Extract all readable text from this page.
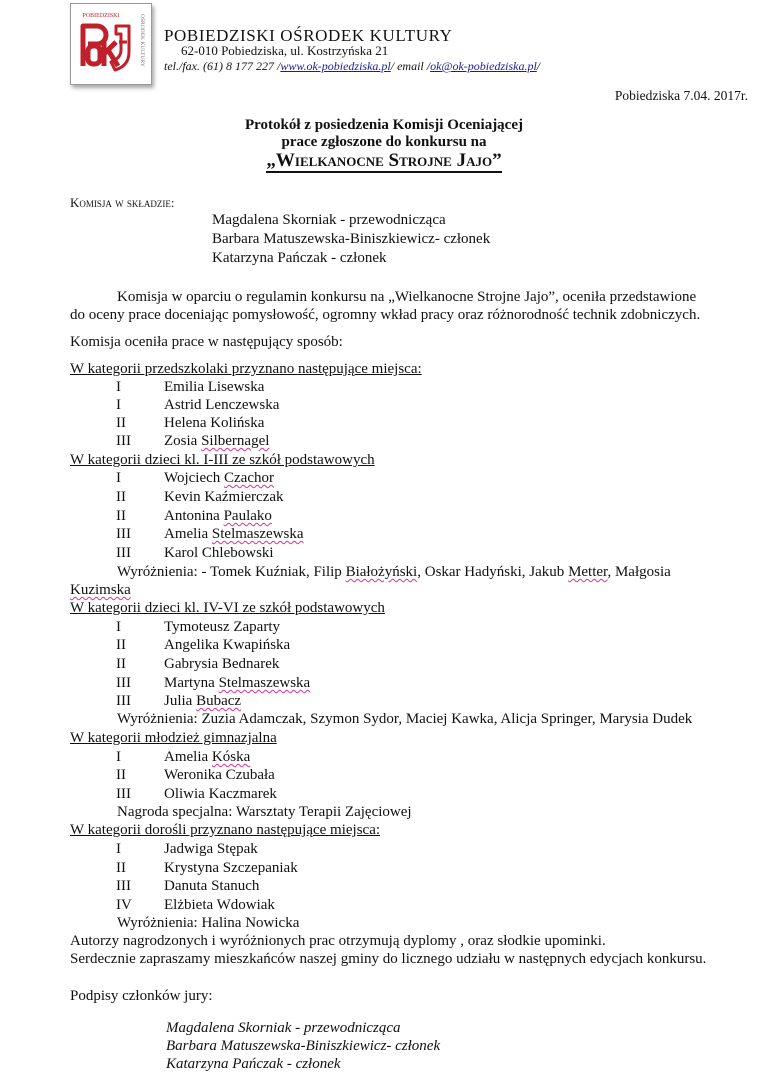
POBIEDZISKI	OŚRODEK KULTURY POBIEDZISKI OŚRODEK KULTURY
62-010 Pobiedziska, ul. Kostrzyńska 21
tel./fax. (61) 8 177 227 /www.ok-pobiedziska.pl/ email /ok@ok-pobiedziska.pl/
Pobiedziska 7.04. 2017r.
Protokół z posiedzenia Komisji Oceniającej
prace zgłoszone do konkursu na
„Wielkanocne Strojne Jajo”
Komisja w składzie:
Magdalena Skorniak - przewodnicząca
Barbara Matuszewska-Biniszkiewicz- członek
Katarzyna Pańczak - członek
Komisja w oparciu o regulamin konkursu na „Wielkanocne Strojne Jajo”, oceniła przedstawione
do oceny prace doceniając pomysłowość, ogromny wkład pracy oraz różnorodność technik zdobniczych.
Komisja oceniła prace w następujący sposób:
W kategorii przedszkolaki przyznano następujące miejsca:
I	Emilia Lisewska
I	Astrid Lenczewska
II	Helena Kolińska
III Zosia Silbernagel
W kategorii dzieci kl. I-III ze szkół podstawowych
I	Wojciech Czachor
II	Kevin Kaźmierczak
II	Antonina Paulako
III Amelia Stelmaszewska
III Karol Chlebowski
Wyróżnienia: - Tomek Kuźniak, Filip Białożyński, Oskar Hadyński, Jakub Metter, Małgosia
Kuzimska
W kategorii dzieci kl. IV-VI ze szkół podstawowych
I	Tymoteusz Zaparty
II	Angelika Kwapińska
II	Gabrysia Bednarek
III Martyna Stelmaszewska
III Julia Bubacz
Wyróżnienia: Zuzia Adamczak, Szymon Sydor, Maciej Kawka, Alicja Springer, Marysia Dudek
W kategorii młodzież gimnazjalna
I	Amelia Kóska
II	Weronika Czubała
III Oliwia Kaczmarek
Nagroda specjalna: Warsztaty Terapii Zajęciowej
W kategorii dorośli przyznano następujące miejsca:
I	Jadwiga Stępak
II	Krystyna Szczepaniak
III Danuta Stanuch
IV Elżbieta Wdowiak
Wyróżnienia: Halina Nowicka
Autorzy nagrodzonych i wyróżnionych prac otrzymują dyplomy , oraz słodkie upominki.
Serdecznie zapraszamy mieszkańców naszej gminy do licznego udziału w następnych edycjach konkursu.
Podpisy członków jury:
Magdalena Skorniak - przewodnicząca
Barbara Matuszewska-Biniszkiewicz- członek
Katarzyna Pańczak - członek
